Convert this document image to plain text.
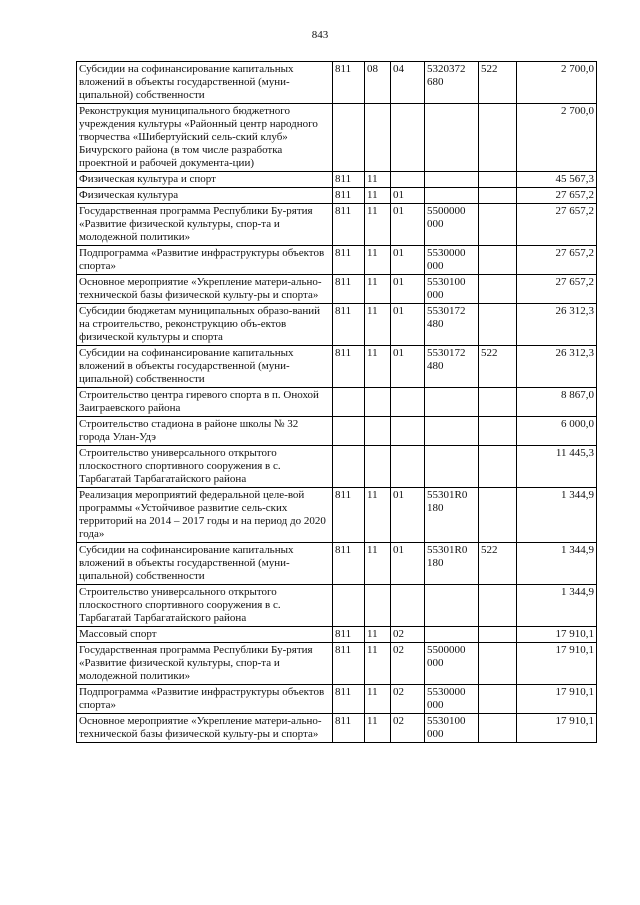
843
Субсидии на софинансирование капитальных вложений в объекты государственной (муни-ципальной) собственности	811	08	04	5320372 680	522	2 700,0
Реконструкция муниципального бюджетного учреждения культуры «Районный центр народного творчества «Шибертуйский сель-ский клуб» Бичурского района (в том числе разработка проектной и рабочей документа-ции)						2 700,0
Физическая культура и спорт	811	11				45 567,3
Физическая культура	811	11	01			27 657,2
Государственная программа Республики Бу-рятия «Развитие физической культуры, спор-та и молодежной политики»	811	11	01	5500000 000		27 657,2
Подпрограмма «Развитие инфраструктуры объектов спорта»	811	11	01	5530000 000		27 657,2
Основное мероприятие «Укрепление матери-ально-технической базы физической культу-ры и спорта»	811	11	01	5530100 000		27 657,2
Субсидии бюджетам муниципальных образо-ваний на строительство, реконструкцию объ-ектов физической культуры и спорта	811	11	01	5530172 480		26 312,3
Субсидии на софинансирование капитальных вложений в объекты государственной (муни-ципальной) собственности	811	11	01	5530172 480	522	26 312,3
Строительство центра гиревого спорта в п. Онохой Заиграевского района						8 867,0
Строительство стадиона в районе школы № 32 города Улан-Удэ						6 000,0
Строительство универсального открытого плоскостного спортивного сооружения в с. Тарбагатай Тарбагатайского района						11 445,3
Реализация мероприятий федеральной целе-вой программы «Устойчивое развитие сель-ских территорий на 2014 – 2017 годы и на период до 2020 года»	811	11	01	55301R0 180		1 344,9
Субсидии на софинансирование капитальных вложений в объекты государственной (муни-ципальной) собственности	811	11	01	55301R0 180	522	1 344,9
Строительство универсального открытого плоскостного спортивного сооружения в с. Тарбагатай Тарбагатайского района						1 344,9
Массовый спорт	811	11	02			17 910,1
Государственная программа Республики Бу-рятия «Развитие физической культуры, спор-та и молодежной политики»	811	11	02	5500000 000		17 910,1
Подпрограмма «Развитие инфраструктуры объектов спорта»	811	11	02	5530000 000		17 910,1
Основное мероприятие «Укрепление матери-ально-технической базы физической культу-ры и спорта»	811	11	02	5530100 000		17 910,1
